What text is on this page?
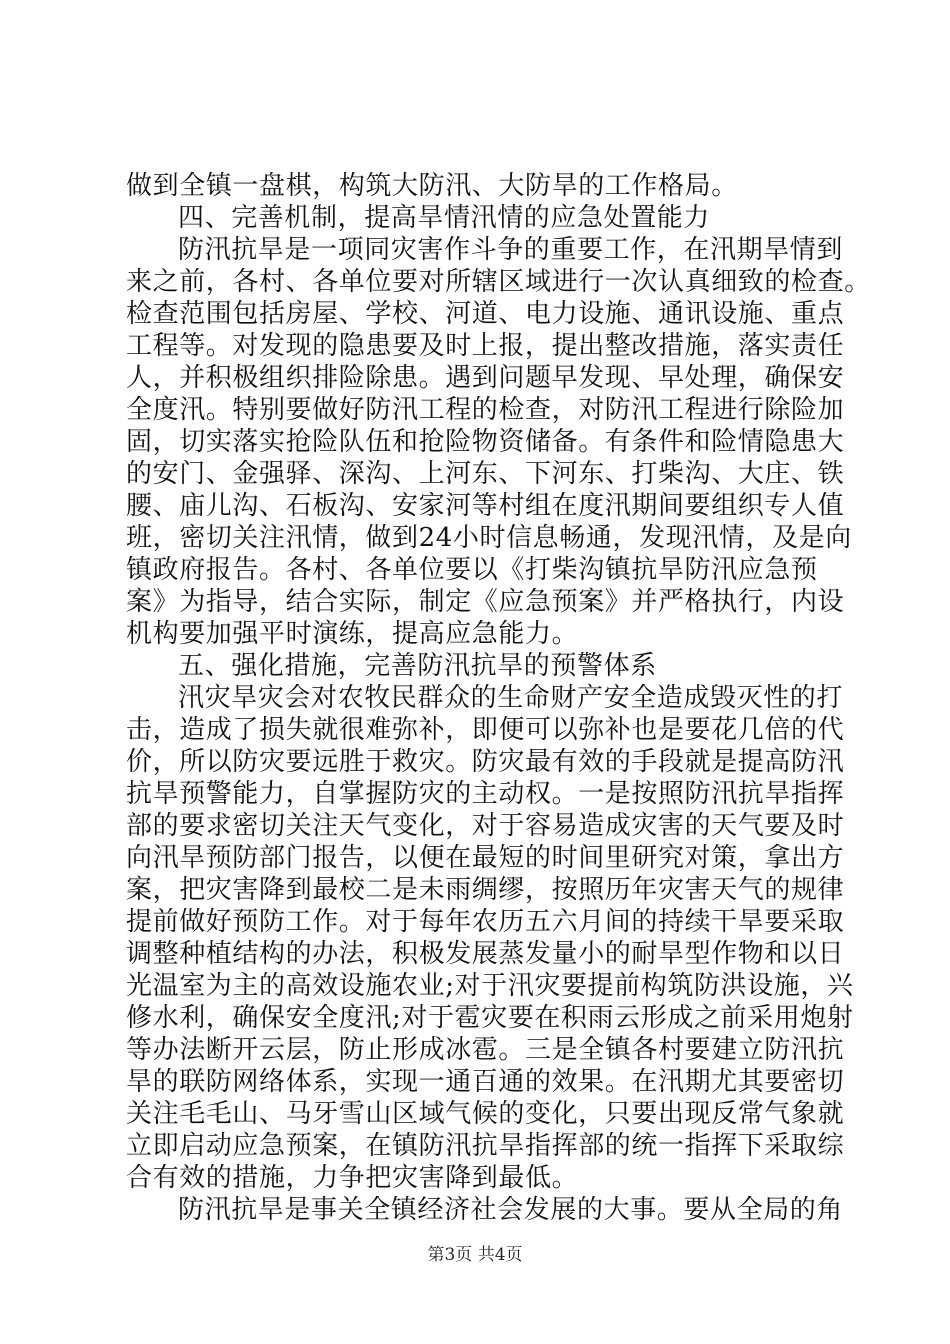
做到全镇一盘棋，构筑大防汛、大防旱的工作格局。
四、完善机制，提高旱情汛情的应急处置能力
防汛抗旱是一项同灾害作斗争的重要工作，在汛期旱情到
来之前，各村、各单位要对所辖区域进行一次认真细致的检查。
检查范围包括房屋、学校、河道、电力设施、通讯设施、重点
工程等。对发现的隐患要及时上报，提出整改措施，落实责任
人，并积极组织排险除患。遇到问题早发现、早处理，确保安
全度汛。特别要做好防汛工程的检查，对防汛工程进行除险加
固，切实落实抢险队伍和抢险物资储备。有条件和险情隐患大
的安门、金强驿、深沟、上河东、下河东、打柴沟、大庄、铁
腰、庙儿沟、石板沟、安家河等村组在度汛期间要组织专人值
班，密切关注汛情，做到24小时信息畅通，发现汛情，及是向
镇政府报告。各村、各单位要以《打柴沟镇抗旱防汛应急预
案》为指导，结合实际，制定《应急预案》并严格执行，内设
机构要加强平时演练，提高应急能力。
五、强化措施，完善防汛抗旱的预警体系
汛灾旱灾会对农牧民群众的生命财产安全造成毁灭性的打
击，造成了损失就很难弥补，即便可以弥补也是要花几倍的代
价，所以防灾要远胜于救灾。防灾最有效的手段就是提高防汛
抗旱预警能力，自掌握防灾的主动权。一是按照防汛抗旱指挥
部的要求密切关注天气变化，对于容易造成灾害的天气要及时
向汛旱预防部门报告，以便在最短的时间里研究对策，拿出方
案，把灾害降到最校二是未雨绸缪，按照历年灾害天气的规律
提前做好预防工作。对于每年农历五六月间的持续干旱要采取
调整种植结构的办法，积极发展蒸发量小的耐旱型作物和以日
光温室为主的高效设施农业;对于汛灾要提前构筑防洪设施，兴
修水利，确保安全度汛;对于雹灾要在积雨云形成之前采用炮射
等办法断开云层，防止形成冰雹。三是全镇各村要建立防汛抗
旱的联防网络体系，实现一通百通的效果。在汛期尤其要密切
关注毛毛山、马牙雪山区域气候的变化，只要出现反常气象就
立即启动应急预案，在镇防汛抗旱指挥部的统一指挥下采取综
合有效的措施，力争把灾害降到最低。
防汛抗旱是事关全镇经济社会发展的大事。要从全局的角
第3页 共4页
